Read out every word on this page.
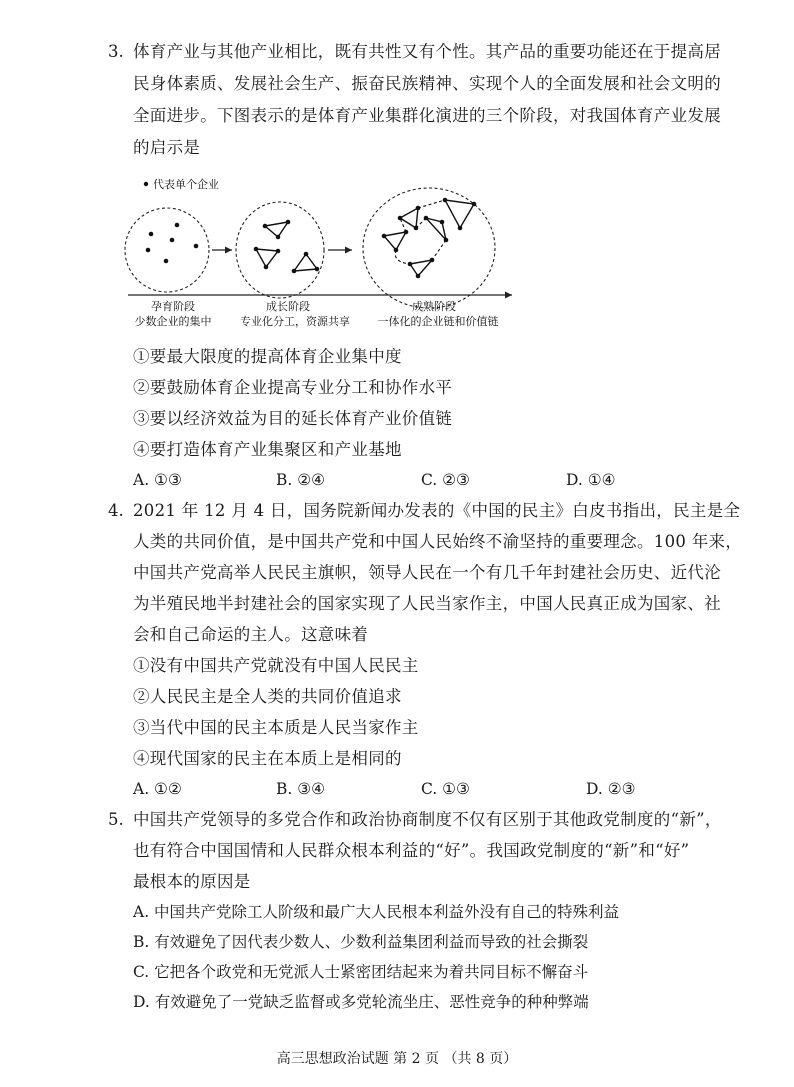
3. 体育产业与其他产业相比，既有共性又有个性。其产品的重要功能还在于提高居
民身体素质、发展社会生产、振奋民族精神、实现个人的全面发展和社会文明的
全面进步。下图表示的是体育产业集群化演进的三个阶段，对我国体育产业发展
的启示是
代表单个企业
孕育阶段	成长阶段	成熟阶段
少数企业的集中	专业化分工，资源共享	一体化的企业链和价值链
①要最大限度的提高体育企业集中度
②要鼓励体育企业提高专业分工和协作水平
③要以经济效益为目的延长体育产业价值链
④要打造体育产业集聚区和产业基地
A. ①③	B. ②④	C. ②③	D. ①④
4. 2021 年 12 月 4 日，国务院新闻办发表的《中国的民主》白皮书指出，民主是全
人类的共同价值，是中国共产党和中国人民始终不渝坚持的重要理念。100 年来，
中国共产党高举人民民主旗帜，领导人民在一个有几千年封建社会历史、近代沦
为半殖民地半封建社会的国家实现了人民当家作主，中国人民真正成为国家、社
会和自己命运的主人。这意味着
①没有中国共产党就没有中国人民民主
②人民民主是全人类的共同价值追求
③当代中国的民主本质是人民当家作主
④现代国家的民主在本质上是相同的
A. ①②	B. ③④	C. ①③	D. ②③
5. 中国共产党领导的多党合作和政治协商制度不仅有区别于其他政党制度的“新”，
也有符合中国国情和人民群众根本利益的“好”。我国政党制度的“新”和“好”
最根本的原因是
A. 中国共产党除工人阶级和最广大人民根本利益外没有自己的特殊利益
B. 有效避免了因代表少数人、少数利益集团利益而导致的社会撕裂
C. 它把各个政党和无党派人士紧密团结起来为着共同目标不懈奋斗
D. 有效避免了一党缺乏监督或多党轮流坐庄、恶性竞争的种种弊端
高三思想政治试题 第 2 页 （共 8 页）
